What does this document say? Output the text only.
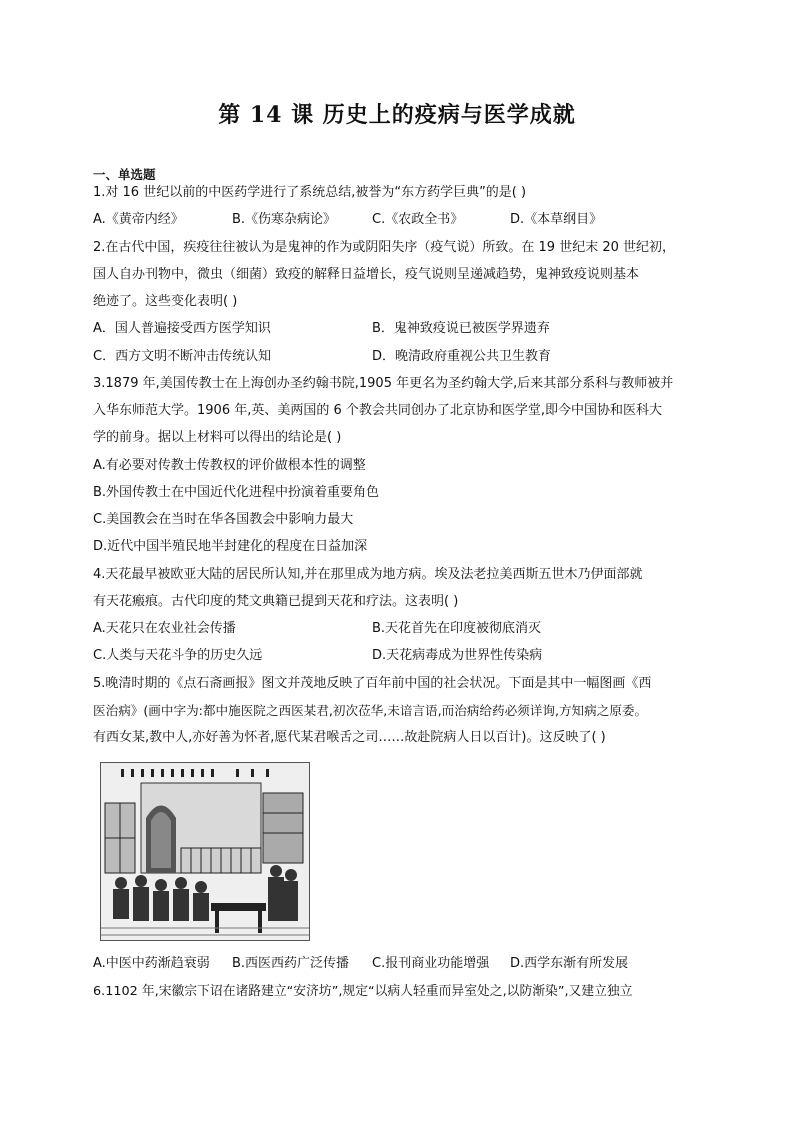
第 14 课 历史上的疫病与医学成就
一、单选题
1.对 16 世纪以前的中医药学进行了系统总结,被誉为“东方药学巨典”的是( )
A.《黄帝内经》	B.《伤寒杂病论》	C.《农政全书》	D.《本草纲目》
2.在古代中国，疾疫往往被认为是鬼神的作为或阴阳失序（疫气说）所致。在 19 世纪末 20 世纪初，
国人自办刊物中，微虫（细菌）致疫的解释日益增长，疫气说则呈递减趋势，鬼神致疫说则基本
绝迹了。这些变化表明( )
A．国人普遍接受西方医学知识	B．鬼神致疫说已被医学界遗弃
C．西方文明不断冲击传统认知	D．晚清政府重视公共卫生教育
3.1879 年,美国传教士在上海创办圣约翰书院,1905 年更名为圣约翰大学,后来其部分系科与教师被并
入华东师范大学。1906 年,英、美两国的 6 个教会共同创办了北京协和医学堂,即今中国协和医科大
学的前身。据以上材料可以得出的结论是( )
A.有必要对传教士传教权的评价做根本性的调整
B.外国传教士在中国近代化进程中扮演着重要角色
C.美国教会在当时在华各国教会中影响力最大
D.近代中国半殖民地半封建化的程度在日益加深
4.天花最早被欧亚大陆的居民所认知,并在那里成为地方病。埃及法老拉美西斯五世木乃伊面部就
有天花瘢痕。古代印度的梵文典籍已提到天花和疗法。这表明( )
A.天花只在农业社会传播	B.天花首先在印度被彻底消灭
C.人类与天花斗争的历史久远	D.天花病毒成为世界性传染病
5.晚清时期的《点石斋画报》图文并茂地反映了百年前中国的社会状况。下面是其中一幅图画《西
医治病》(画中字为:都中施医院之西医某君,初次莅华,未谙言语,而治病给药必须详询,方知病之原委。
有西女某,教中人,亦好善为怀者,愿代某君喉舌之司……故赴院病人日以百计)。这反映了( )
A.中医中药渐趋衰弱 B.西医西药广泛传播 C.报刊商业功能增强 D.西学东渐有所发展
6.1102 年,宋徽宗下诏在诸路建立“安济坊”,规定“以病人轻重而异室处之,以防渐染”,又建立独立
